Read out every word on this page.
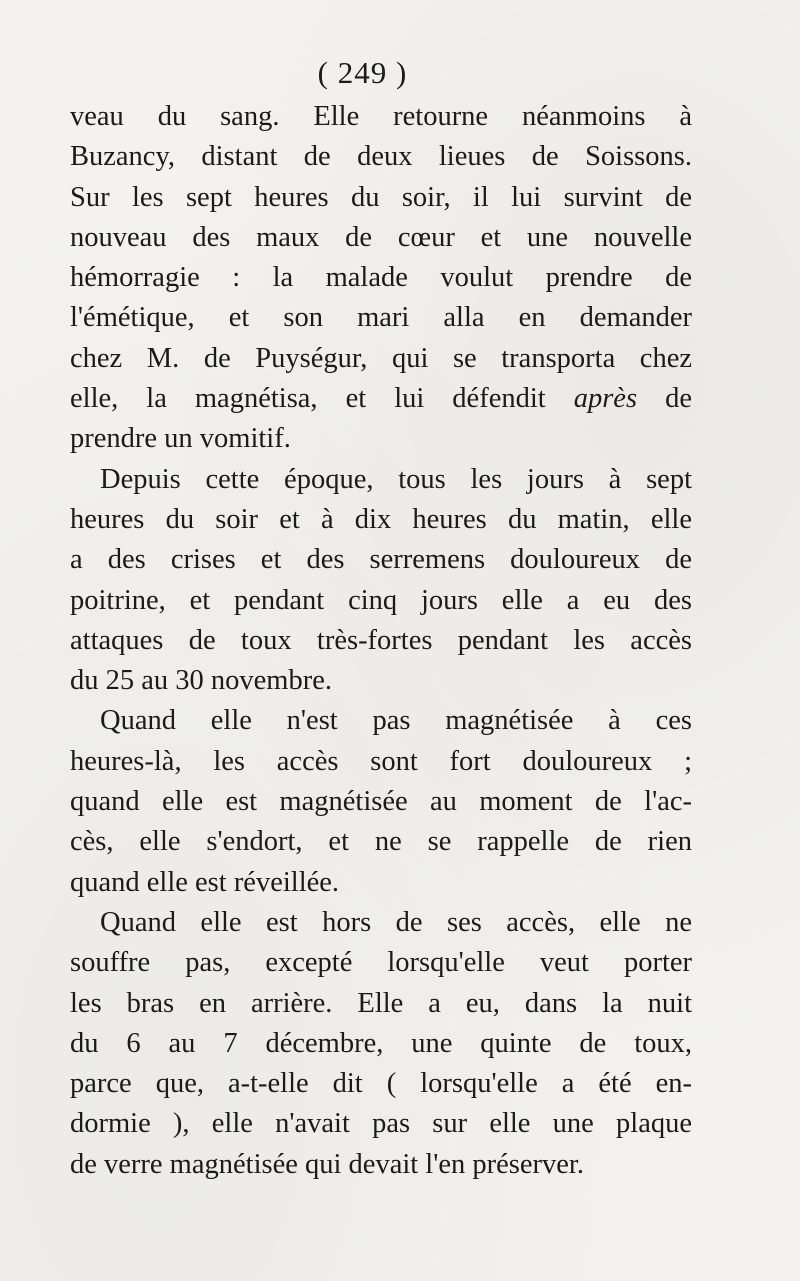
( 249 )
veau du sang. Elle retourne néanmoins à
Buzancy, distant de deux lieues de Soissons.
Sur les sept heures du soir, il lui survint de
nouveau des maux de cœur et une nouvelle
hémorragie : la malade voulut prendre de
l'émétique, et son mari alla en demander
chez M. de Puységur, qui se transporta chez
elle, la magnétisa, et lui défendit après de
prendre un vomitif.
Depuis cette époque, tous les jours à sept
heures du soir et à dix heures du matin, elle
a des crises et des serremens douloureux de
poitrine, et pendant cinq jours elle a eu des
attaques de toux très-fortes pendant les accès
du 25 au 30 novembre.
Quand elle n'est pas magnétisée à ces
heures-là, les accès sont fort douloureux ;
quand elle est magnétisée au moment de l'ac-
cès, elle s'endort, et ne se rappelle de rien
quand elle est réveillée.
Quand elle est hors de ses accès, elle ne
souffre pas, excepté lorsqu'elle veut porter
les bras en arrière. Elle a eu, dans la nuit
du 6 au 7 décembre, une quinte de toux,
parce que, a-t-elle dit ( lorsqu'elle a été en-
dormie ), elle n'avait pas sur elle une plaque
de verre magnétisée qui devait l'en préserver.
